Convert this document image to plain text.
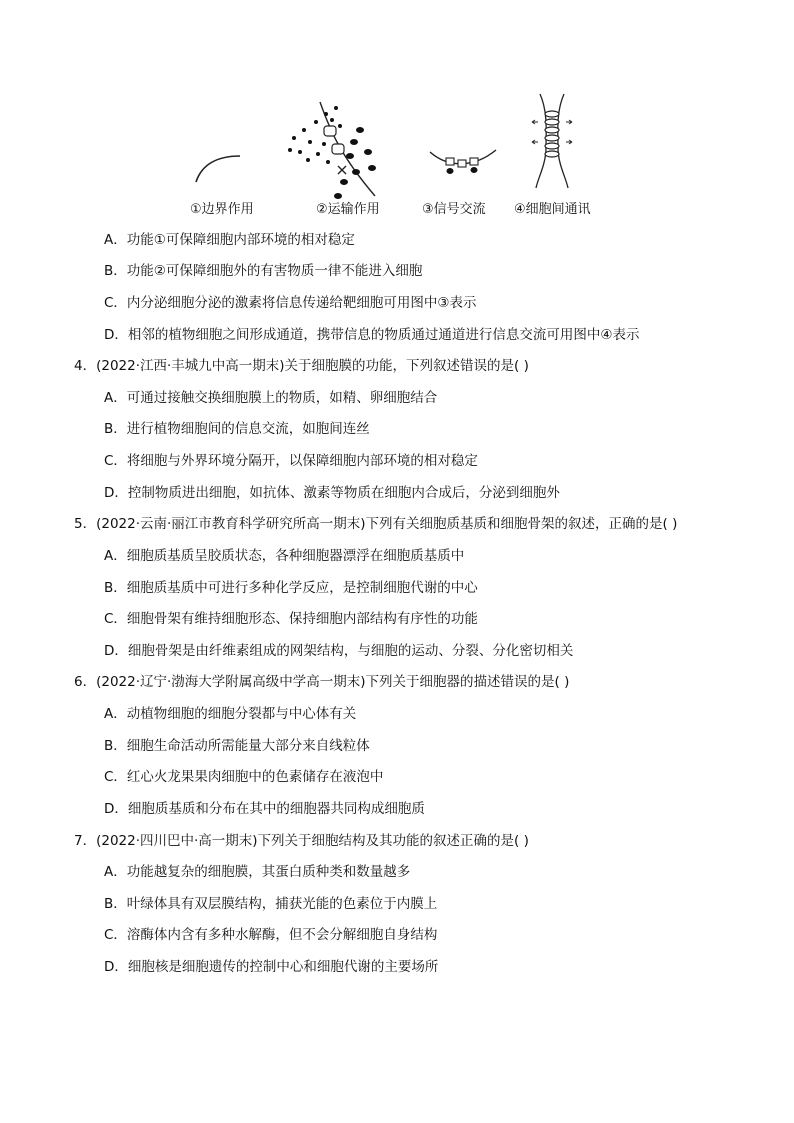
①边界作用	②运输作用	③信号交流 ④细胞间通讯
A．功能①可保障细胞内部环境的相对稳定
B．功能②可保障细胞外的有害物质一律不能进入细胞
C．内分泌细胞分泌的激素将信息传递给靶细胞可用图中③表示
D．相邻的植物细胞之间形成通道，携带信息的物质通过通道进行信息交流可用图中④表示
4．(2022·江西·丰城九中高一期末)关于细胞膜的功能，下列叙述错误的是( )
A．可通过接触交换细胞膜上的物质，如精、卵细胞结合
B．进行植物细胞间的信息交流，如胞间连丝
C．将细胞与外界环境分隔开，以保障细胞内部环境的相对稳定
D．控制物质进出细胞，如抗体、激素等物质在细胞内合成后，分泌到细胞外
5．(2022·云南·丽江市教育科学研究所高一期末)下列有关细胞质基质和细胞骨架的叙述，正确的是( )
A．细胞质基质呈胶质状态，各种细胞器漂浮在细胞质基质中
B．细胞质基质中可进行多种化学反应，是控制细胞代谢的中心
C．细胞骨架有维持细胞形态、保持细胞内部结构有序性的功能
D．细胞骨架是由纤维素组成的网架结构，与细胞的运动、分裂、分化密切相关
6．(2022·辽宁·渤海大学附属高级中学高一期末)下列关于细胞器的描述错误的是( )
A．动植物细胞的细胞分裂都与中心体有关
B．细胞生命活动所需能量大部分来自线粒体
C．红心火龙果果肉细胞中的色素储存在液泡中
D．细胞质基质和分布在其中的细胞器共同构成细胞质
7．(2022·四川巴中·高一期末)下列关于细胞结构及其功能的叙述正确的是( )
A．功能越复杂的细胞膜，其蛋白质种类和数量越多
B．叶绿体具有双层膜结构，捕获光能的色素位于内膜上
C．溶酶体内含有多种水解酶，但不会分解细胞自身结构
D．细胞核是细胞遗传的控制中心和细胞代谢的主要场所
